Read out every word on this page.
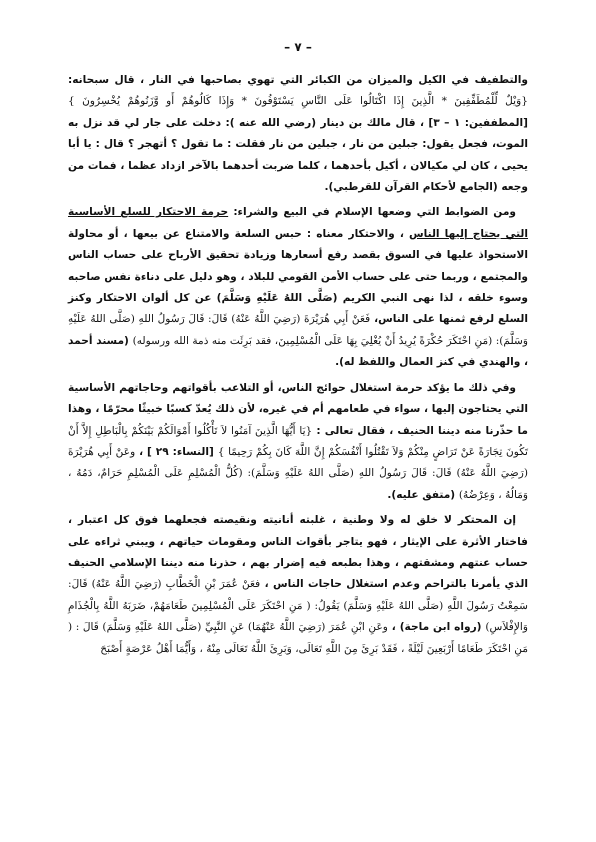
– ٧ –

والتطفيف في الكيل والميزان من الكبائر التي تهوي بصاحبها في النار ، قال سبحانه: {وَيْلٌ لِّلْمُطَفِّفِينَ * الَّذِينَ إِذَا اكْتَالُوا عَلَى النَّاسِ يَسْتَوْفُونَ * وَإِذَا كَالُوهُمْ أَو وَّزَنُوهُمْ يُخْسِرُونَ } [المطففين: ١ – ٣] ، قال مالك بن دينار (رضي الله عنه ): دخلت على جار لي قد نزل به الموت، فجعل يقول: جبلين من نار ، جبلين من نار فقلت : ما تقول ؟ أتهجر ؟ قال : يا أبا يحيى ، كان لي مكيالان ، أكيل بأحدهما ، كلما ضربت أحدهما بالآخر ازداد عظما ، فمات من وجعه (الجامع لأحكام القرآن للقرطبي).

ومن الضوابط التي وضعها الإسلام في البيع والشراء: حرمة الاحتكار للسلع الأساسية التي يحتاج إليها الناس ، والاحتكار معناه : حبس السلعة والامتناع عن بيعها ، أو محاولة الاستحواذ عليها في السوق بقصد رفع أسعارها وزيادة تحقيق الأرباح على حساب الناس والمجتمع ، وربما حتى على حساب الأمن القومي للبلاد ، وهو دليل على دناءة نفس صاحبه وسوء خلقه ، لذا نهى النبي الكريم (صَلَّى اللهُ عَلَيْهِ وَسَلَّمَ) عن كل ألوان الاحتكار وكنز السلع لرفع ثمنها على الناس، فَعَنْ أَبِي هُرَيْرَةَ (رَضِيَ اللَّهُ عَنْهُ) قَالَ: قَالَ رَسُولُ اللهِ (صَلَّى اللهُ عَلَيْهِ وَسَلَّمَ): (مَنِ احْتَكَرَ حُكْرَةً يُرِيدُ أَنْ يُغْلِيَ بِهَا عَلَى الْمُسْلِمِينَ، فقد بَرِئَت منه ذمة الله ورسوله) (مسند أحمد ، والهندي في كنز العمال واللفظ له).

وفي ذلك ما يؤكد حرمة استغلال حوائج الناس، أو التلاعب بأقواتهم وحاجاتهم الأساسية التي يحتاجون إليها ، سواء في طعامهم أم في غيره، لأن ذلك يُعدّ كسبًا خبيثًا محرّمًا ، وهذا ما حذّرنا منه ديننا الحنيف ، فقال تعالى : {يَا أَيُّهَا الَّذِينَ آمَنُوا لاَ تَأْكُلُوا أَمْوَالَكُمْ بَيْنَكُمْ بِالْبَاطِلِ إِلاَّ أَنْ تَكُونَ تِجَارَةً عَنْ تَرَاضٍ مِنْكُمْ وَلاَ تَقْتُلُوا أَنْفُسَكُمْ إِنَّ اللَّهَ كَانَ بِكُمْ رَحِيمًا } [النساء: ٢٩ ] ، وعَنْ أَبِي هُرَيْرَةَ (رَضِيَ اللَّهُ عَنْهُ) قَالَ: قَالَ رَسُولُ اللهِ (صَلَّى اللهُ عَلَيْهِ وَسَلَّمَ): (كُلُّ الْمُسْلِمِ عَلَى الْمُسْلِمِ حَرَامٌ، دَمُهُ ، وَمَالُهُ ، وَعِرْضُهُ) (متفق عليه).

إن المحتكر لا خلق له ولا وطنية ، غلبته أنانيته ونقيصته فجعلهما فوق كل اعتبار ، فاختار الأثرة على الإيثار ، فهو يتاجر بأقوات الناس ومقومات حياتهم ، ويبني ثراءه على حساب عنتهم ومشقتهم ، وهذا بطبعه فيه إضرار بهم ، حذرنا منه ديننا الإسلامي الحنيف الذي يأمرنا بالتراحم وعدم استغلال حاجات الناس ، فعَنْ عُمَرَ بْنِ الْخَطَّابِ (رَضِيَ اللَّهُ عَنْهُ) قَالَ: سَمِعْتُ رَسُولَ اللَّهِ (صَلَّى اللهُ عَلَيْهِ وَسَلَّمَ) يَقُولُ: ( مَنِ احْتَكَرَ عَلَى الْمُسْلِمِينَ طَعَامَهُمْ، ضَرَبَهُ اللَّهُ بِالْجُذَامِ وَالإِفْلاَسِ) (رواه ابن ماجة) ، وعَنِ ابْنِ عُمَرَ (رَضِيَ اللَّهُ عَنْهُمَا) عَنِ النَّبِيِّ (صَلَّى اللهُ عَلَيْهِ وَسَلَّمَ) قَالَ : ( مَنِ احْتَكَرَ طَعَامًا أَرْبَعِينَ لَيْلَةً ، فَقَدْ بَرِئَ مِنَ اللَّهِ تَعَالَى، وَبَرِئَ اللَّهُ تَعَالَى مِنْهُ ، وَأَيُّمَا أَهْلُ عَرْصَةٍ أَصْبَحَ
